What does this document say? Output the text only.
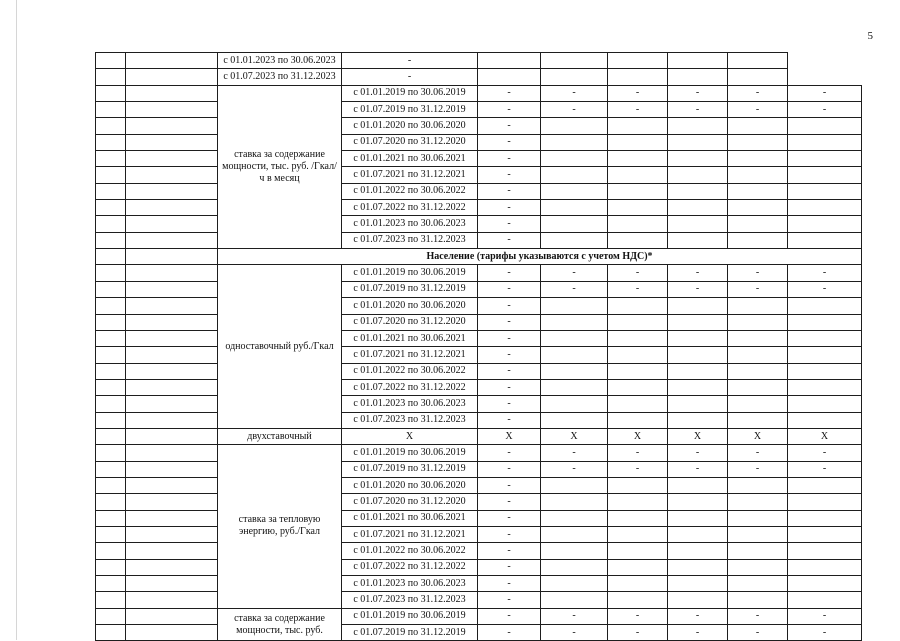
5
		с 01.01.2023 по 30.06.2023	-						
		с 01.07.2023 по 31.12.2023	-						
		ставка за содержание мощности, тыс. руб. /Гкал/ч в месяц	с 01.01.2019 по 30.06.2019	-	-	-	-	-	-
			с 01.07.2019 по 31.12.2019	-	-	-	-	-	-
			с 01.01.2020 по 30.06.2020	-					
			с 01.07.2020 по 31.12.2020	-					
			с 01.01.2021 по 30.06.2021	-					
			с 01.07.2021 по 31.12.2021	-					
			с 01.01.2022 по 30.06.2022	-					
			с 01.07.2022 по 31.12.2022	-					
			с 01.01.2023 по 30.06.2023	-					
			с 01.07.2023 по 31.12.2023	-					
		Население (тарифы указываются с учетом НДС)*							
		одноставочный руб./Гкал	с 01.01.2019 по 30.06.2019	-	-	-	-	-	-
			с 01.07.2019 по 31.12.2019	-	-	-	-	-	-
			с 01.01.2020 по 30.06.2020	-					
			с 01.07.2020 по 31.12.2020	-					
			с 01.01.2021 по 30.06.2021	-					
			с 01.07.2021 по 31.12.2021	-					
			с 01.01.2022 по 30.06.2022	-					
			с 01.07.2022 по 31.12.2022	-					
			с 01.01.2023 по 30.06.2023	-					
			с 01.07.2023 по 31.12.2023	-					
		двухставочный	X	X	X	X	X	X	X
		ставка за тепловую энергию, руб./Гкал	с 01.01.2019 по 30.06.2019	-	-	-	-	-	-
			с 01.07.2019 по 31.12.2019	-	-	-	-	-	-
			с 01.01.2020 по 30.06.2020	-					
			с 01.07.2020 по 31.12.2020	-					
			с 01.01.2021 по 30.06.2021	-					
			с 01.07.2021 по 31.12.2021	-					
			с 01.01.2022 по 30.06.2022	-					
			с 01.07.2022 по 31.12.2022	-					
			с 01.01.2023 по 30.06.2023	-					
			с 01.07.2023 по 31.12.2023	-					
		ставка за содержание мощности, тыс. руб.	с 01.01.2019 по 30.06.2019	-	-	-	-	-	-
			с 01.07.2019 по 31.12.2019	-	-	-	-	-	-
